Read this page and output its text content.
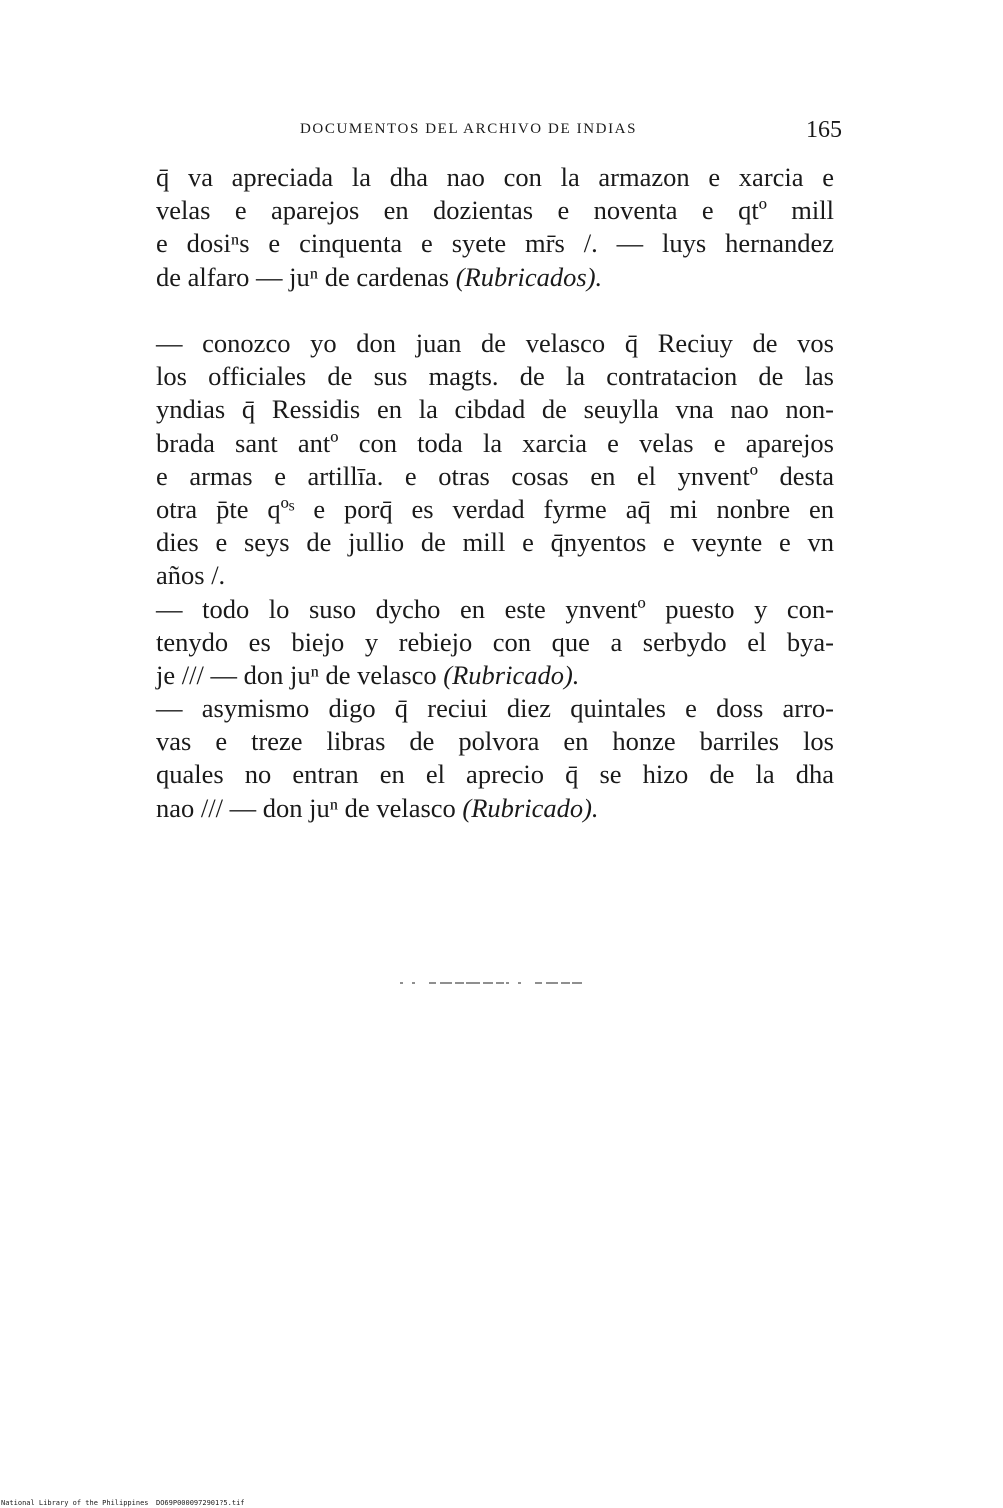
DOCUMENTOS DEL ARCHIVO DE INDIAS	165
q̄ va apreciada la dha nao con la armazon e xarcia e
velas e aparejos en dozientas e noventa e qtº mill
e dosiⁿs e cinquenta e syete mr̄s /. — luys hernandez
de alfaro — juⁿ de cardenas (Rubricados).
— conozco yo don juan de velasco q̄ Reciuy de vos
los officiales de sus magts. de la contratacion de las
yndias q̄ Ressidis en la cibdad de seuylla vna nao non-
brada sant antº con toda la xarcia e velas e aparejos
e armas e artillīa. e otras cosas en el ynventº desta
otra p̄te qºˢ e porq̄ es verdad fyrme aq̄ mi nonbre en
dies e seys de jullio de mill e q̄nyentos e veynte e vn
años /.
— todo lo suso dycho en este ynventº puesto y con-
tenydo es biejo y rebiejo con que a serbydo el bya-
je /// — don juⁿ de velasco (Rubricado).
— asymismo digo q̄ reciui diez quintales e doss arro-
vas e treze libras de polvora en honze barriles los
quales no entran en el aprecio q̄ se hizo de la dha
nao /// — don juⁿ de velasco (Rubricado).
National Library of the Philippines DO69P0000972901?5.tif
